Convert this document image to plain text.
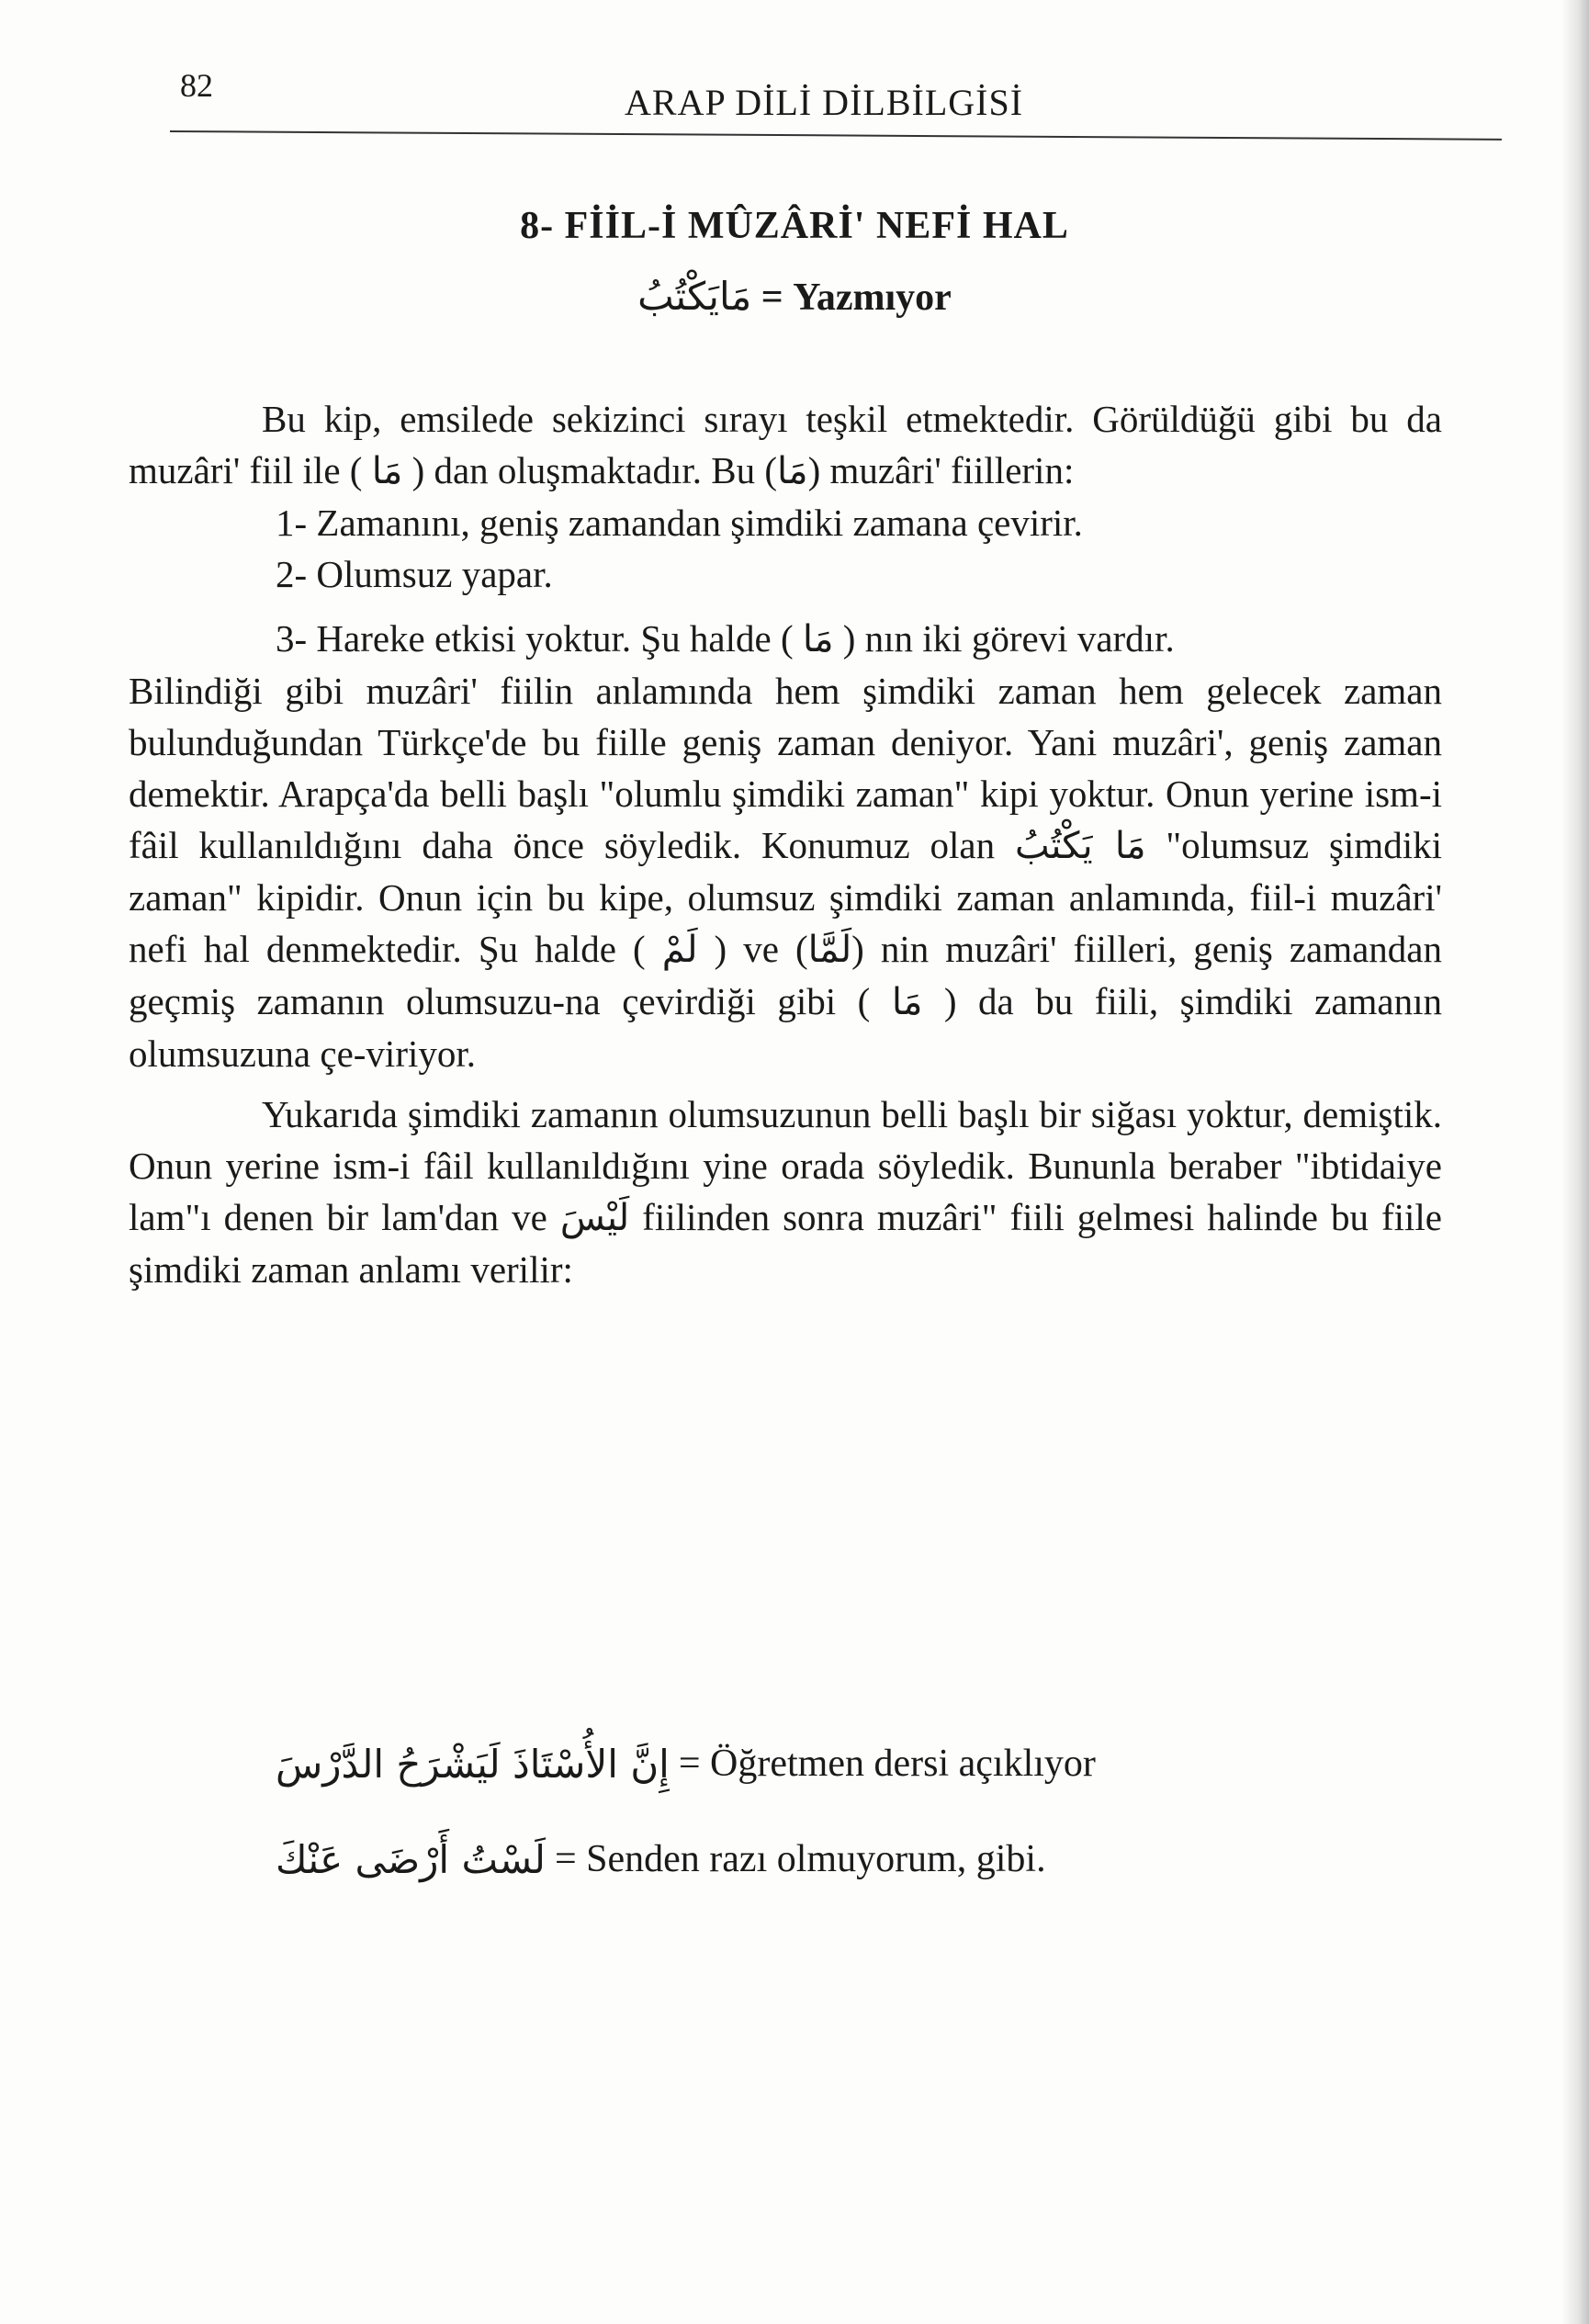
82	ARAP DİLİ DİLBİLGİSİ
8- FİİL-İ MÛZÂRİ' NEFİ HAL
مَايَكْتُبُ = Yazmıyor

Bu kip, emsilede sekizinci sırayı teşkil etmektedir. Görüldüğü gibi bu da muzâri' fiil ile ( مَا ) dan oluşmaktadır. Bu (مَا) muzâri' fiillerin:

1- Zamanını, geniş zamandan şimdiki zamana çevirir.

2- Olumsuz yapar.

3- Hareke etkisi yoktur. Şu halde ( مَا ) nın iki görevi vardır.

Bilindiği gibi muzâri' fiilin anlamında hem şimdiki zaman hem gelecek zaman bulunduğundan Türkçe'de bu fiille geniş zaman deniyor. Yani muzâri', geniş zaman demektir. Arapça'da belli başlı "olumlu şimdiki zaman" kipi yoktur. Onun yerine ism-i fâil kullanıldığını daha önce söyledik. Konumuz olan مَا يَكْتُبُ "olumsuz şimdiki zaman" kipidir. Onun için bu kipe, olumsuz şimdiki zaman anlamında, fiil-i muzâri' nefi hal denmektedir. Şu halde ( لَمْ ) ve (لَمَّا) nin muzâri' fiilleri, geniş zamandan geçmiş zamanın olumsuzu-na çevirdiği gibi ( مَا ) da bu fiili, şimdiki zamanın olumsuzuna çe-viriyor.

Yukarıda şimdiki zamanın olumsuzunun belli başlı bir siğası yoktur, demiştik. Onun yerine ism-i fâil kullanıldığını yine orada söyledik. Bununla beraber "ibtidaiye lam"ı denen bir lam'dan ve لَيْسَ fiilinden sonra muzâri" fiili gelmesi halinde bu fiile şimdiki zaman anlamı verilir:

إِنَّ الأُسْتَاذَ لَيَشْرَحُ الدَّرْسَ = Öğretmen dersi açıklıyor
لَسْتُ أَرْضَى عَنْكَ = Senden razı olmuyorum, gibi.
